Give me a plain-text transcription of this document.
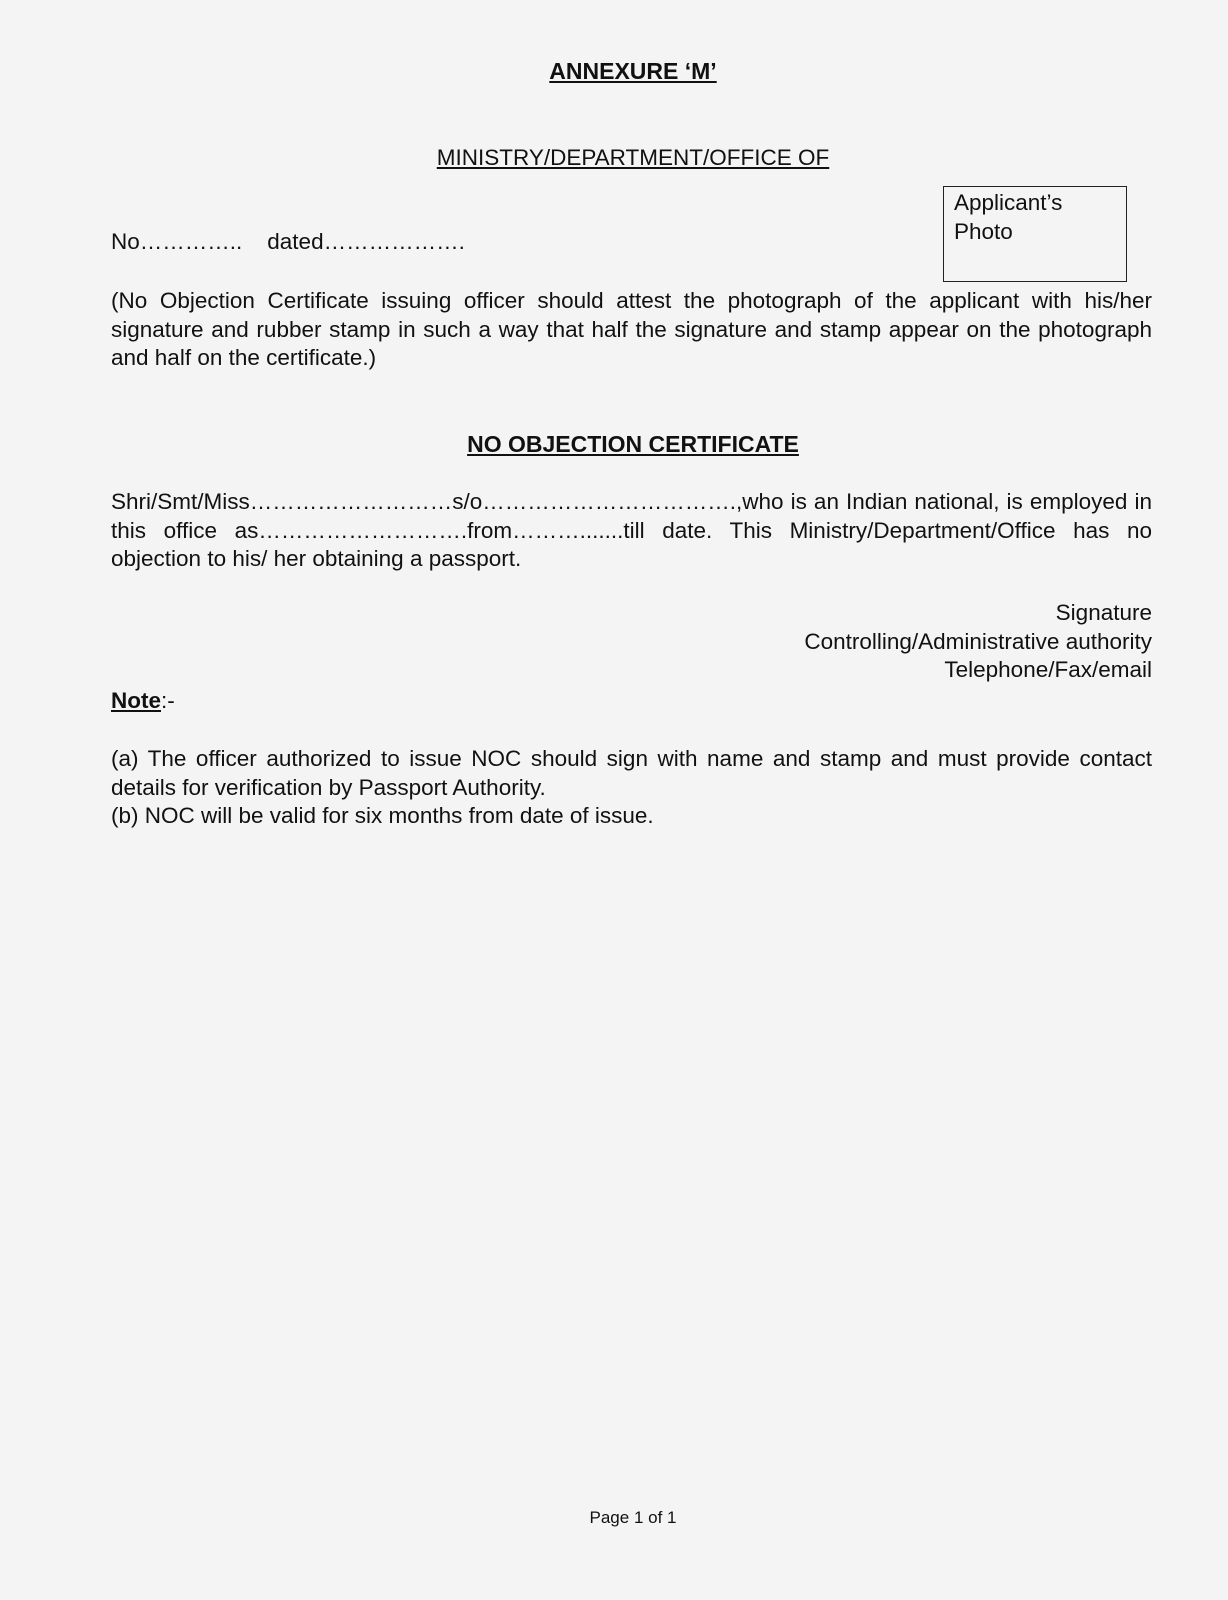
ANNEXURE ‘M’
MINISTRY/DEPARTMENT/OFFICE OF
Applicant’s
Photo
No………….. dated……………….
(No Objection Certificate issuing officer should attest the photograph of the applicant with his/her signature and rubber stamp in such a way that half the signature and stamp appear on the photograph and half on the certificate.)
NO OBJECTION CERTIFICATE
Shri/Smt/Miss………………………s/o…………………………….,who is an Indian national, is employed in this office as……………………….from……….......till date. This Ministry/Department/Office has no objection to his/ her obtaining a passport.
Signature
Controlling/Administrative authority
Telephone/Fax/email
Note:-
(a) The officer authorized to issue NOC should sign with name and stamp and must provide contact details for verification by Passport Authority.
(b) NOC will be valid for six months from date of issue.
Page 1 of 1
